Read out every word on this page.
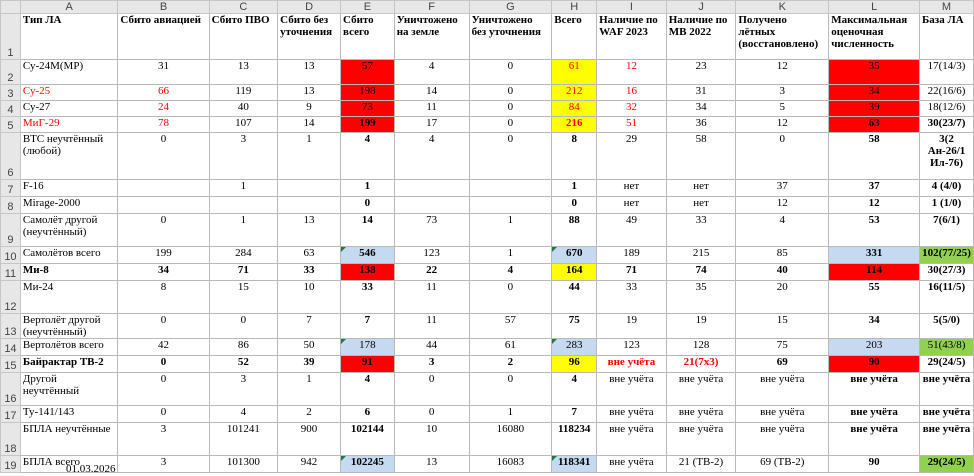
	A	B	C	D	E	F	G	H	I	J	K	L	M
1	Тип ЛА	Сбито авиацией	Сбито ПВО	Сбито без уточнения	Сбито всего	Уничтожено на земле	Уничтожено без уточнения	Всего	Наличие по WAF 2023	Наличие по MB 2022	Получено лётных (восстановлено)	Максимальная оценочная численность	База ЛА
2	Су-24М(МР)	31	13	13	57	4	0	61	12	23	12	35	17(14/3)
3	Су-25	66	119	13	198	14	0	212	16	31	3	34	22(16/6)
4	Су-27	24	40	9	73	11	0	84	32	34	5	39	18(12/6)
5	МиГ-29	78	107	14	199	17	0	216	51	36	12	63	30(23/7)
6	ВТС неучтённый (любой)	0	3	1	4	4	0	8	29	58	0	58	3(2 Ан-26/1 Ил-76)
7	F-16		1		1			1	нет	нет	37	37	4 (4/0)
8	Mirage-2000				0			0	нет	нет	12	12	1 (1/0)
9	Самолёт другой (неучтённый)	0	1	13	14	73	1	88	49	33	4	53	7(6/1)
10	Самолётов всего	199	284	63	546	123	1	670	189	215	85	331	102(77/25)
11	Ми-8	34	71	33	138	22	4	164	71	74	40	114	30(27/3)
12	Ми-24	8	15	10	33	11	0	44	33	35	20	55	16(11/5)
13	Вертолёт другой (неучтённый)	0	0	7	7	11	57	75	19	19	15	34	5(5/0)
14	Вертолётов всего	42	86	50	178	44	61	283	123	128	75	203	51(43/8)
15	Байрактар ТВ-2	0	52	39	91	3	2	96	вне учёта	21(7х3)	69	90	29(24/5)
16	Другой неучтённый	0	3	1	4	0	0	4	вне учёта	вне учёта	вне учёта	вне учёта	вне учёта
17	Ту-141/143	0	4	2	6	0	1	7	вне учёта	вне учёта	вне учёта	вне учёта	вне учёта
18	БПЛА неучтённые	3	101241	900	102144	10	16080	118234	вне учёта	вне учёта	вне учёта	вне учёта	вне учёта
19	БПЛА всего	3	101300	942	102245	13	16083	118341	вне учёта	21 (ТВ-2)	69 (ТВ-2)	90	29(24/5)
01.03.2026
